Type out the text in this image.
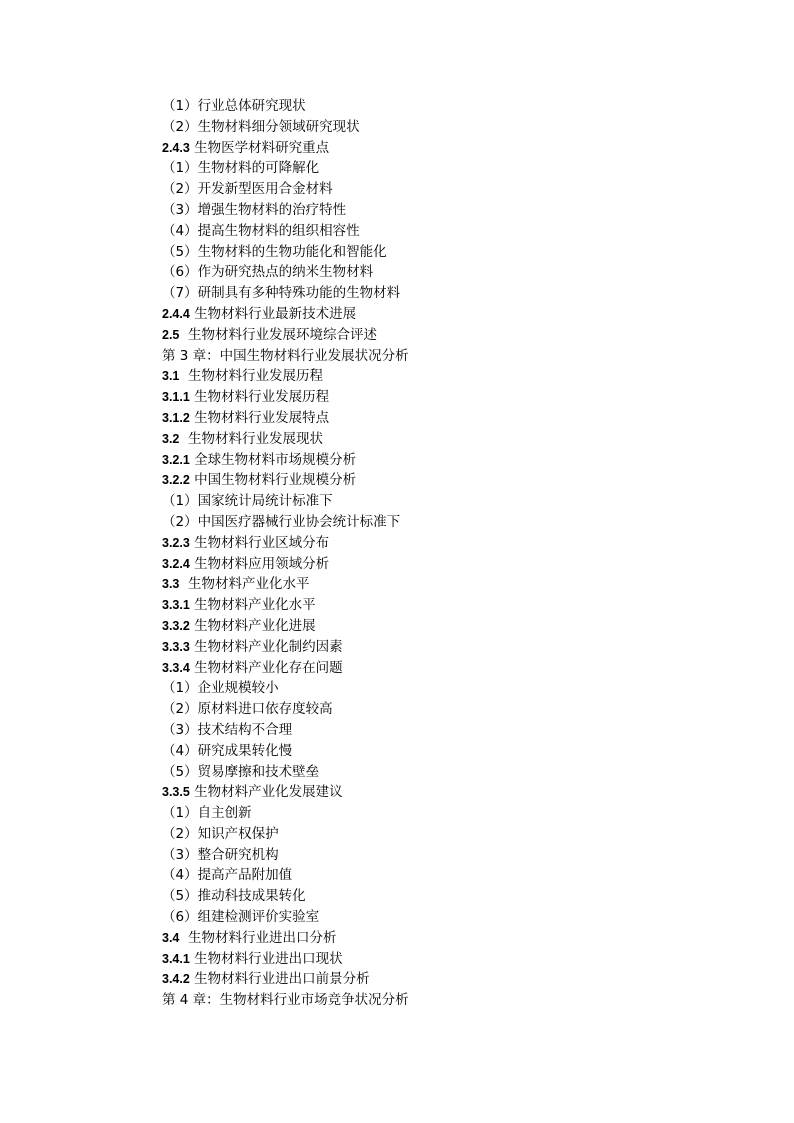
（1）行业总体研究现状
（2）生物材料细分领域研究现状
2.4.3 生物医学材料研究重点
（1）生物材料的可降解化
（2）开发新型医用合金材料
（3）增强生物材料的治疗特性
（4）提高生物材料的组织相容性
（5）生物材料的生物功能化和智能化
（6）作为研究热点的纳米生物材料
（7）研制具有多种特殊功能的生物材料
2.4.4 生物材料行业最新技术进展
2.5  生物材料行业发展环境综合评述
第 3 章：中国生物材料行业发展状况分析
3.1  生物材料行业发展历程
3.1.1 生物材料行业发展历程
3.1.2 生物材料行业发展特点
3.2  生物材料行业发展现状
3.2.1 全球生物材料市场规模分析
3.2.2 中国生物材料行业规模分析
（1）国家统计局统计标准下
（2）中国医疗器械行业协会统计标准下
3.2.3 生物材料行业区域分布
3.2.4 生物材料应用领域分析
3.3  生物材料产业化水平
3.3.1 生物材料产业化水平
3.3.2 生物材料产业化进展
3.3.3 生物材料产业化制约因素
3.3.4 生物材料产业化存在问题
（1）企业规模较小
（2）原材料进口依存度较高
（3）技术结构不合理
（4）研究成果转化慢
（5）贸易摩擦和技术壁垒
3.3.5 生物材料产业化发展建议
（1）自主创新
（2）知识产权保护
（3）整合研究机构
（4）提高产品附加值
（5）推动科技成果转化
（6）组建检测评价实验室
3.4  生物材料行业进出口分析
3.4.1 生物材料行业进出口现状
3.4.2 生物材料行业进出口前景分析
第 4 章：生物材料行业市场竞争状况分析
